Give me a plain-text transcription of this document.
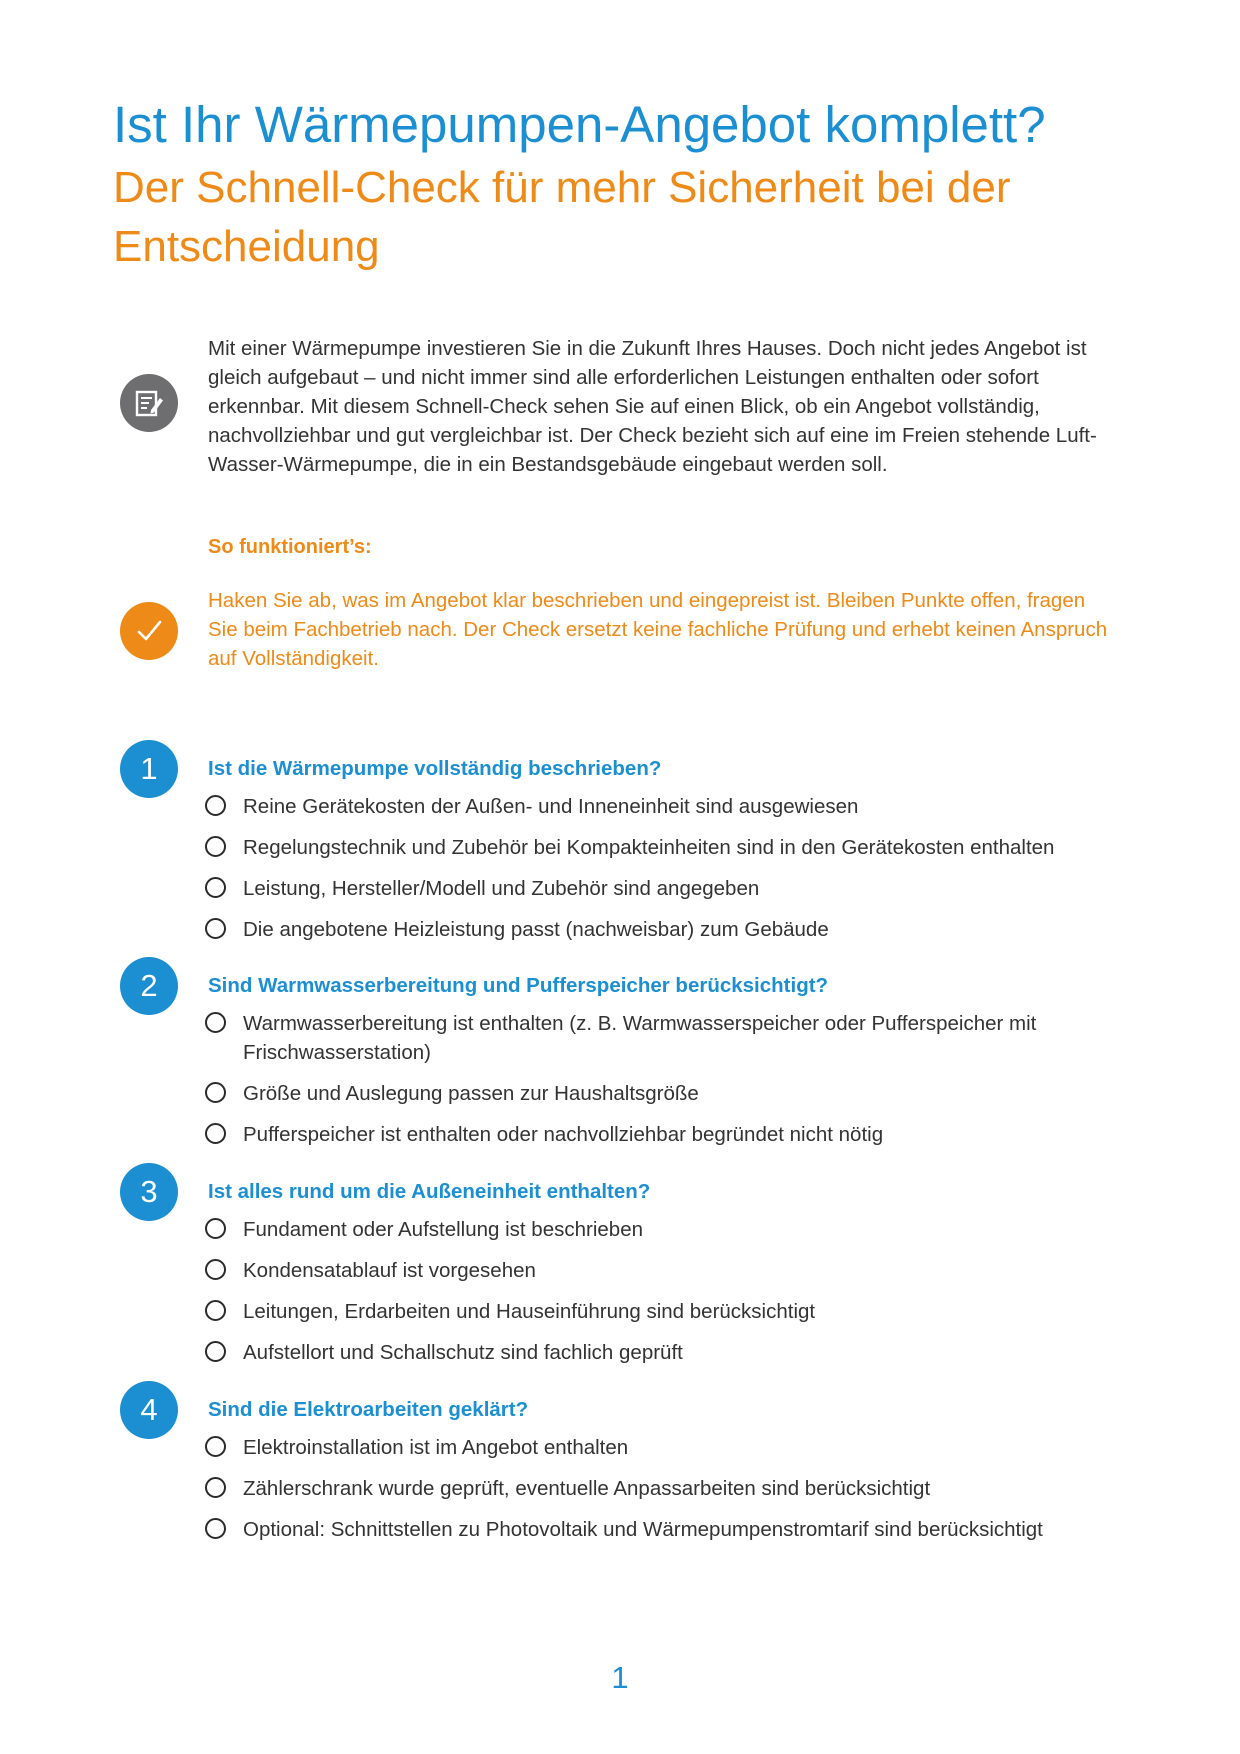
Ist Ihr Wärmepumpen-Angebot komplett?
Der Schnell-Check für mehr Sicherheit bei der Entscheidung

Mit einer Wärmepumpe investieren Sie in die Zukunft Ihres Hauses. Doch nicht jedes Angebot ist gleich aufgebaut – und nicht immer sind alle erforderlichen Leistungen enthalten oder sofort erkennbar. Mit diesem Schnell-Check sehen Sie auf einen Blick, ob ein Angebot vollständig, nachvollziehbar und gut vergleichbar ist. Der Check bezieht sich auf eine im Freien stehende Luft-Wasser-Wärmepumpe, die in ein Bestandsgebäude eingebaut werden soll.

So funktioniert’s:

Haken Sie ab, was im Angebot klar beschrieben und eingepreist ist. Bleiben Punkte offen, fragen Sie beim Fachbetrieb nach. Der Check ersetzt keine fachliche Prüfung und erhebt keinen Anspruch auf Vollständigkeit.

1	Ist die Wärmepumpe vollständig beschrieben?

Reine Gerätekosten der Außen- und Inneneinheit sind ausgewiesen
Regelungstechnik und Zubehör bei Kompakteinheiten sind in den Gerätekosten enthalten
Leistung, Hersteller/Modell und Zubehör sind angegeben
Die angebotene Heizleistung passt (nachweisbar) zum Gebäude
2	Sind Warmwasserbereitung und Pufferspeicher berücksichtigt?

Warmwasserbereitung ist enthalten (z. B. Warmwasserspeicher oder Pufferspeicher mit Frischwasserstation)
Größe und Auslegung passen zur Haushaltsgröße
Pufferspeicher ist enthalten oder nachvollziehbar begründet nicht nötig
3	Ist alles rund um die Außeneinheit enthalten?

Fundament oder Aufstellung ist beschrieben
Kondensatablauf ist vorgesehen
Leitungen, Erdarbeiten und Hauseinführung sind berücksichtigt
Aufstellort und Schallschutz sind fachlich geprüft
4	Sind die Elektroarbeiten geklärt?

Elektroinstallation ist im Angebot enthalten
Zählerschrank wurde geprüft, eventuelle Anpassarbeiten sind berücksichtigt
Optional: Schnittstellen zu Photovoltaik und Wärmepumpenstromtarif sind berücksichtigt
1
